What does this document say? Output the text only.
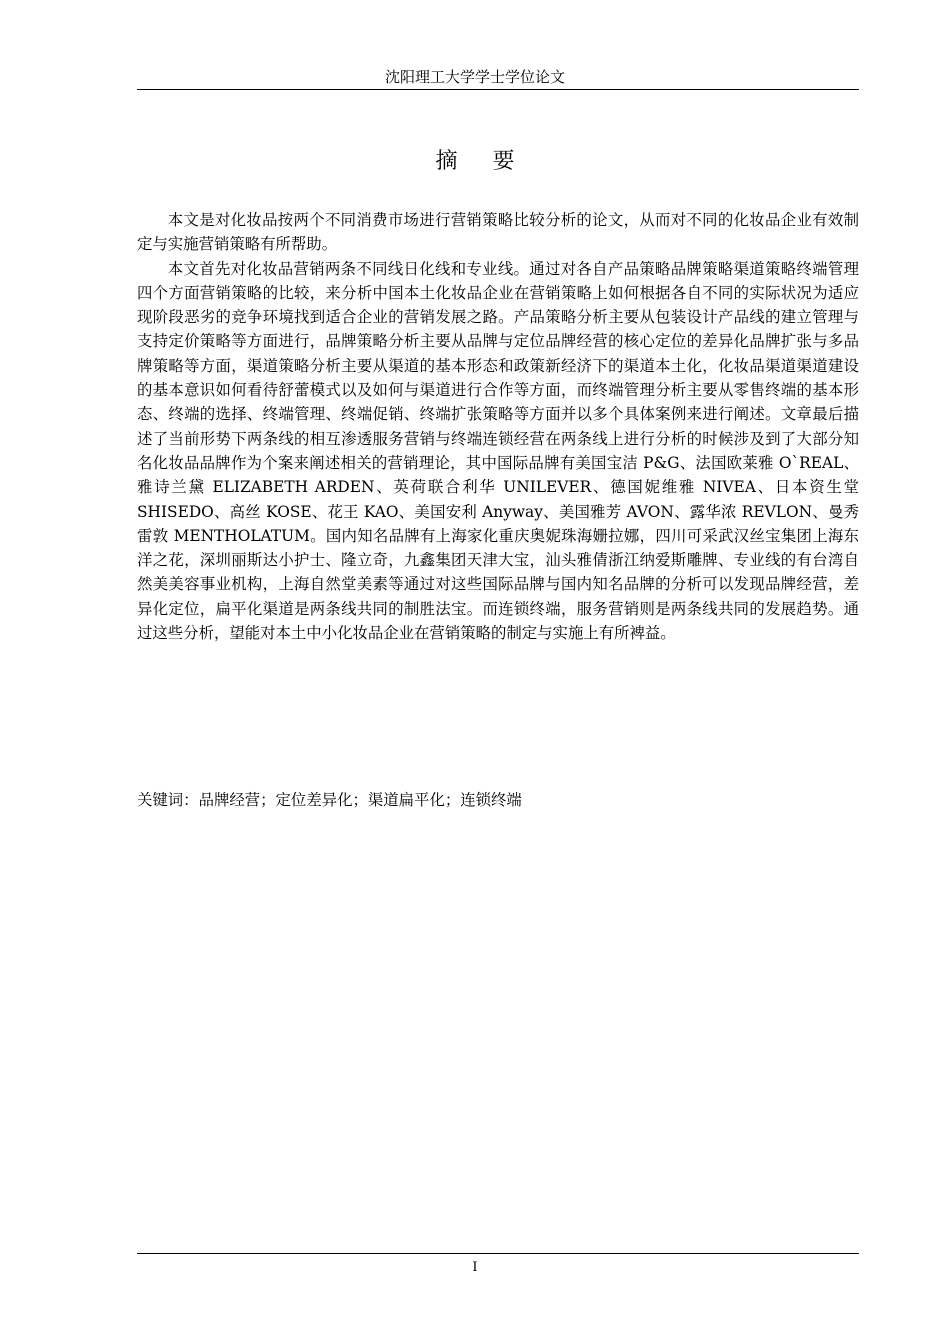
沈阳理工大学学士学位论文
摘 要

本文是对化妆品按两个不同消费市场进行营销策略比较分析的论文，从而对不同的化妆品企业有效制定与实施营销策略有所帮助。

本文首先对化妆品营销两条不同线日化线和专业线。通过对各自产品策略品牌策略渠道策略终端管理四个方面营销策略的比较，来分析中国本土化妆品企业在营销策略上如何根据各自不同的实际状况为适应现阶段恶劣的竞争环境找到适合企业的营销发展之路。产品策略分析主要从包装设计产品线的建立管理与支持定价策略等方面进行，品牌策略分析主要从品牌与定位品牌经营的核心定位的差异化品牌扩张与多品牌策略等方面，渠道策略分析主要从渠道的基本形态和政策新经济下的渠道本土化，化妆品渠道渠道建设的基本意识如何看待舒蕾模式以及如何与渠道进行合作等方面，而终端管理分析主要从零售终端的基本形态、终端的选择、终端管理、终端促销、终端扩张策略等方面并以多个具体案例来进行阐述。文章最后描述了当前形势下两条线的相互渗透服务营销与终端连锁经营在两条线上进行分析的时候涉及到了大部分知名化妆品品牌作为个案来阐述相关的营销理论，其中国际品牌有美国宝洁 P&G、法国欧莱雅 O`REAL、雅诗兰黛 ELIZABETH ARDEN、英荷联合利华 UNILEVER、德国妮维雅 NIVEA、日本资生堂 SHISEDO、高丝 KOSE、花王 KAO、美国安利 Anyway、美国雅芳 AVON、露华浓 REVLON、曼秀雷敦 MENTHOLATUM。国内知名品牌有上海家化重庆奥妮珠海姗拉娜，四川可采武汉丝宝集团上海东洋之花，深圳丽斯达小护士、隆立奇，九鑫集团天津大宝，汕头雅倩浙江纳爱斯雕牌、专业线的有台湾自然美美容事业机构，上海自然堂美素等通过对这些国际品牌与国内知名品牌的分析可以发现品牌经营，差异化定位，扁平化渠道是两条线共同的制胜法宝。而连锁终端，服务营销则是两条线共同的发展趋势。通过这些分析，望能对本土中小化妆品企业在营销策略的制定与实施上有所裨益。

关键词：品牌经营；定位差异化；渠道扁平化；连锁终端
I
